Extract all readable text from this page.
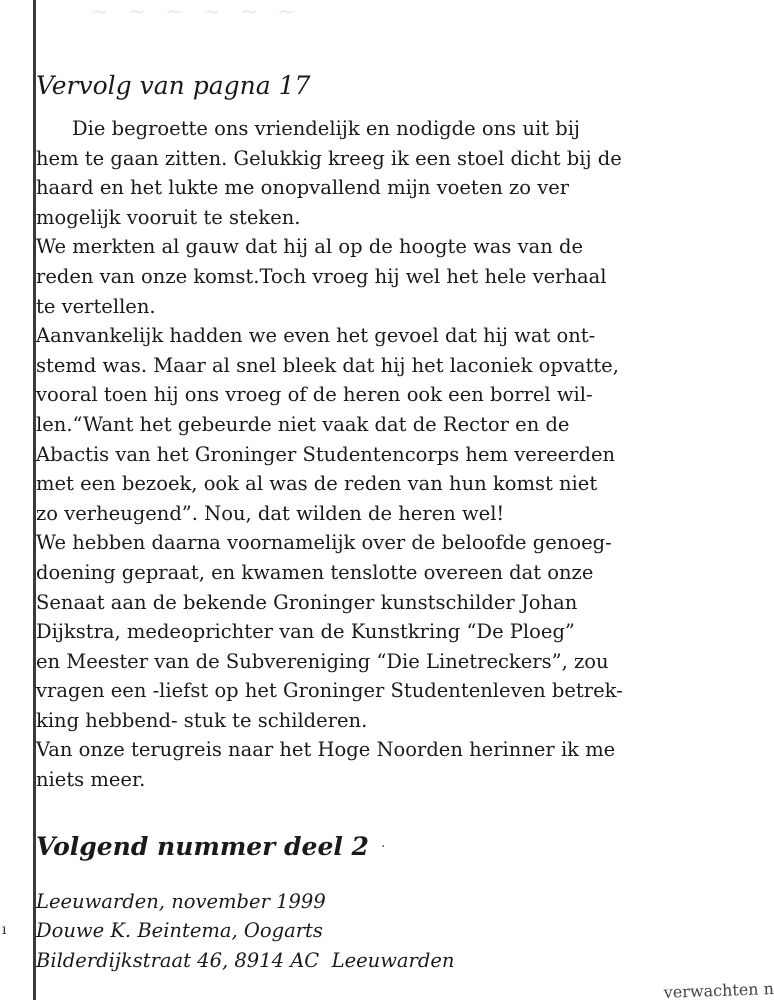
~ ~ ~ ~ ~ ~
Vervolg van pagna 17
Die begroette ons vriendelijk en nodigde ons uit bij
hem te gaan zitten. Gelukkig kreeg ik een stoel dicht bij de
haard en het lukte me onopvallend mijn voeten zo ver
mogelijk vooruit te steken.
We merkten al gauw dat hij al op de hoogte was van de
reden van onze komst.Toch vroeg hij wel het hele verhaal
te vertellen.
Aanvankelijk hadden we even het gevoel dat hij wat ont-
stemd was. Maar al snel bleek dat hij het laconiek opvatte,
vooral toen hij ons vroeg of de heren ook een borrel wil-
len.“Want het gebeurde niet vaak dat de Rector en de
Abactis van het Groninger Studentencorps hem vereerden
met een bezoek, ook al was de reden van hun komst niet
zo verheugend”. Nou, dat wilden de heren wel!
We hebben daarna voornamelijk over de beloofde genoeg-
doening gepraat, en kwamen tenslotte overeen dat onze
Senaat aan de bekende Groninger kunstschilder Johan
Dijkstra, medeoprichter van de Kunstkring “De Ploeg”
en Meester van de Subvereniging “Die Linetreckers”, zou
vragen een -liefst op het Groninger Studentenleven betrek-
king hebbend- stuk te schilderen.
Van onze terugreis naar het Hoge Noorden herinner ik me
niets meer.
Volgend nummer deel 2 ·
Leeuwarden, november 1999
Douwe K. Beintema, Oogarts
Bilderdijkstraat 46, 8914 AC  Leeuwarden
ı
verwachten n
